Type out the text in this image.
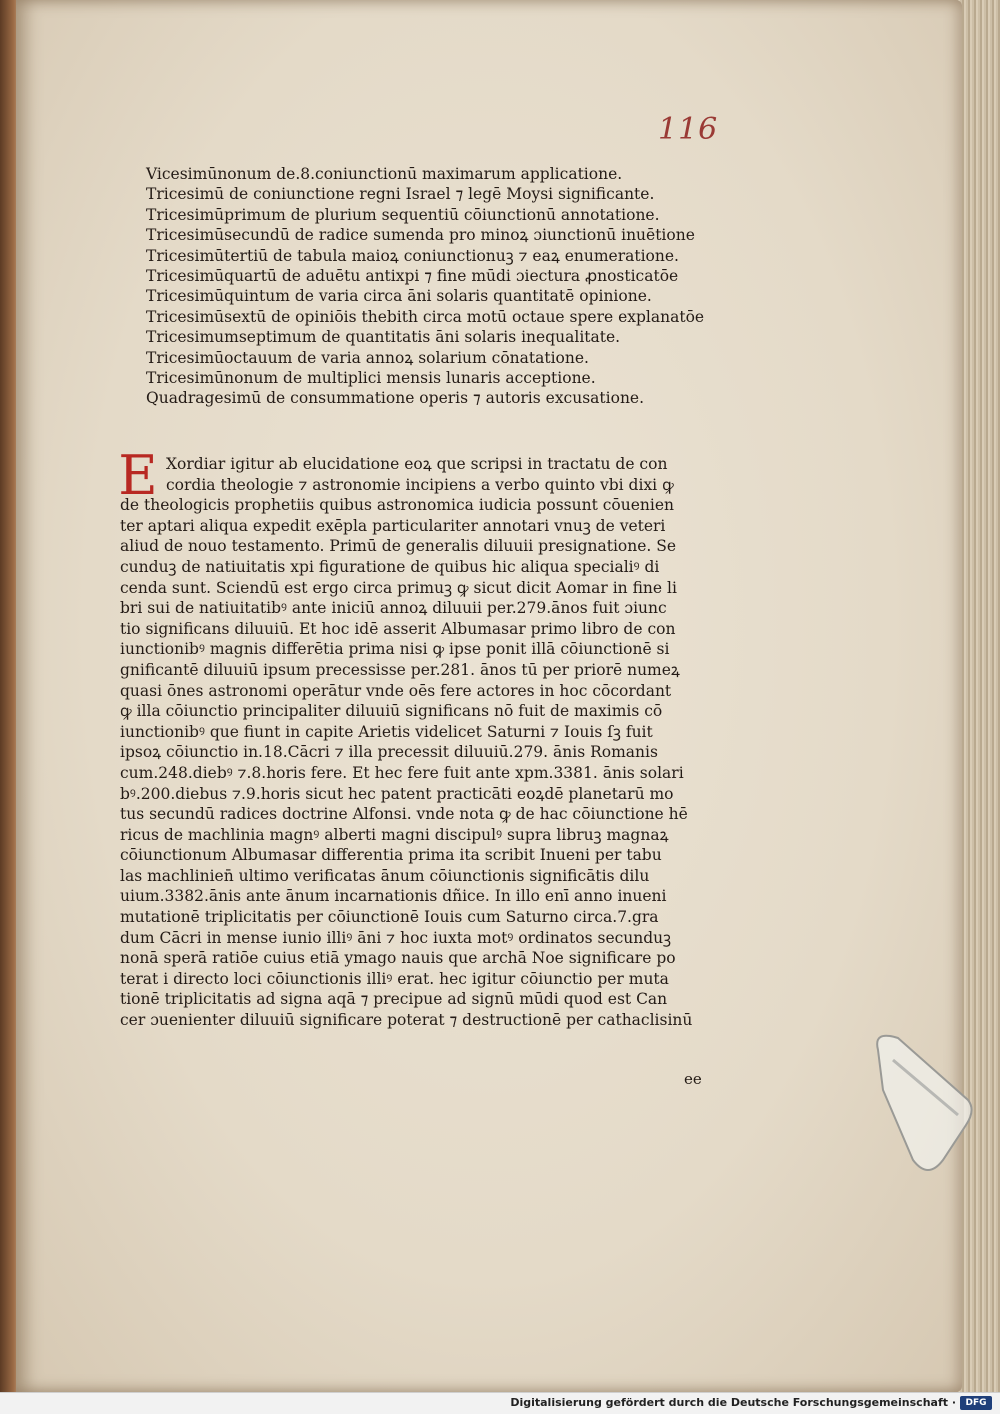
116
Vicesimūnonum de.8.coniunctionū maximarum applicatione.
Tricesimū de coniunctione regni Israel ⁊ legē Moysi significante.
Tricesimūprimum de plurium sequentiū cōiunctionū annotatione.
Tricesimūsecundū de radice sumenda pro minoꝝ ɔiunctionū inuētione
Tricesimūtertiū de tabula maioꝝ coniunctionuꝫ ⁊ eaꝝ enumeratione.
Tricesimūquartū de aduētu antixpi ⁊ fine mūdi ɔiectura ꝓnosticatōe
Tricesimūquintum de varia circa āni solaris quantitatē opinione.
Tricesimūsextū de opiniōis thebith circa motū octaue spere explanatōe
Tricesimumseptimum de quantitatis āni solaris inequalitate.
Tricesimūoctauum de varia annoꝝ solarium cōnatatione.
Tricesimūnonum de multiplici mensis lunaris acceptione.
Quadragesimū de consummatione operis ⁊ autoris excusatione.
E Xordiar igitur ab elucidatione eoꝝ que scripsi in tractatu de con
cordia theologie ⁊ astronomie incipiens a verbo quinto vbi dixi ꝙ
de theologicis prophetiis quibus astronomica iudicia possunt cōuenien
ter aptari aliqua expedit exēpla particulariter annotari vnuꝫ de veteri
aliud de nouo testamento. Primū de generalis diluuii presignatione. Se
cunduꝫ de natiuitatis xpi figuratione de quibus hic aliqua specialiꝰ di
cenda sunt. Sciendū est ergo circa primuꝫ ꝙ sicut dicit Aomar in fine li
bri sui de natiuitatibꝰ ante iniciū annoꝝ diluuii per.279.ānos fuit ɔiunc
tio significans diluuiū. Et hoc idē asserit Albumasar primo libro de con
iunctionibꝰ magnis differētia prima nisi ꝙ ipse ponit illā cōiunctionē si
gnificantē diluuiū ipsum precessisse per.281. ānos tū per priorē numeꝝ
quasi ōnes astronomi operātur vnde oēs fere actores in hoc cōcordant
ꝙ illa cōiunctio principaliter diluuiū significans nō fuit de maximis cō
iunctionibꝰ que fiunt in capite Arietis videlicet Saturni ⁊ Iouis ſꝫ fuit
ipsoꝝ cōiunctio in.18.Cācri ⁊ illa precessit diluuiū.279. ānis Romanis
cum.248.diebꝰ ⁊.8.horis fere. Et hec fere fuit ante xpm.3381. ānis solari
bꝰ.200.diebus ⁊.9.horis sicut hec patent practicāti eoꝝdē planetarū mo
tus secundū radices doctrine Alfonsi. vnde nota ꝙ de hac cōiunctione hē
ricus de machlinia magnꝰ alberti magni discipulꝰ supra libruꝫ magnaꝝ
cōiunctionum Albumasar differentia prima ita scribit Inueni per tabu
las machlinien̄ ultimo verificatas ānum cōiunctionis significātis dilu
uium.3382.ānis ante ānum incarnationis dñice. In illo enī anno inueni
mutationē triplicitatis per cōiunctionē Iouis cum Saturno circa.7.gra
dum Cācri in mense iunio illiꝰ āni ⁊ hoc iuxta motꝰ ordinatos secunduꝫ
nonā sperā ratiōe cuius etiā ymago nauis que archā Noe significare po
terat i directo loci cōiunctionis illiꝰ erat. hec igitur cōiunctio per muta
tionē triplicitatis ad signa aqā ⁊ precipue ad signū mūdi quod est Can
cer ɔuenienter diluuiū significare poterat ⁊ destructionē per cathaclisinū
ee
Digitalisierung gefördert durch die Deutsche Forschungsgemeinschaft ·	DFG
